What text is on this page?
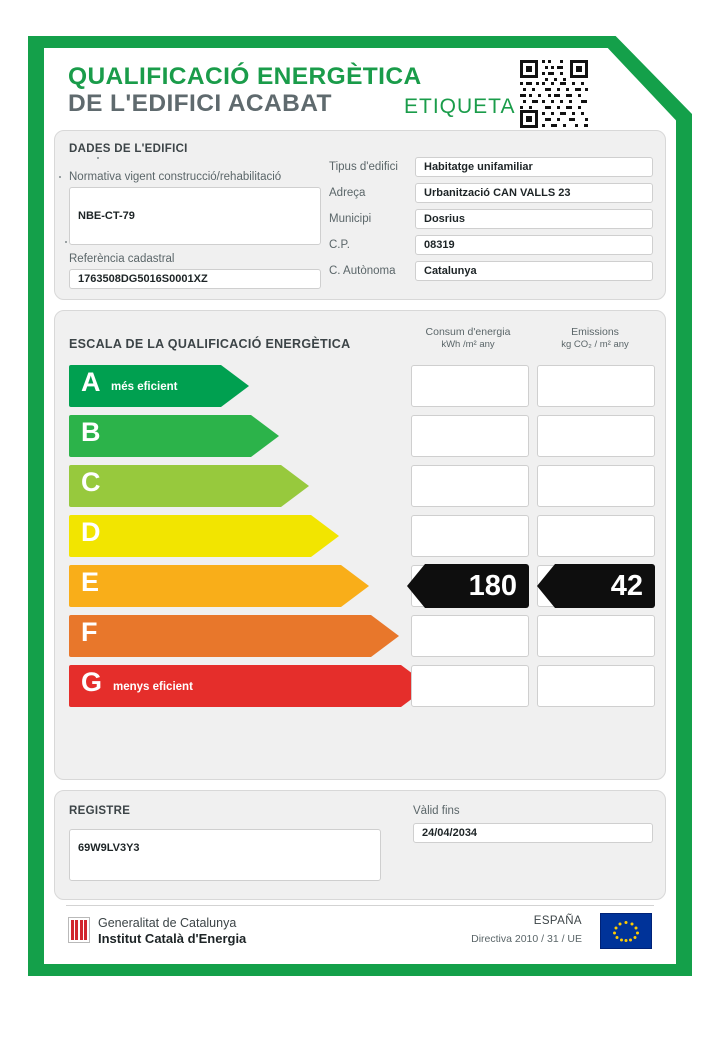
QUALIFICACIÓ ENERGÈTICA
DE L'EDIFICI ACABAT	ETIQUETA
DADES DE L'EDIFICI
Normativa vigent construcció/rehabilitació
NBE-CT-79
Referència cadastral
1763508DG5016S0001XZ
Tipus d'edifici	Habitatge unifamiliar
Adreça	Urbanització CAN VALLS 23
Municipi	Dosrius
C.P.	08319
C. Autònoma	Catalunya
ESCALA DE LA QUALIFICACIÓ ENERGÈTICA
Consum d'energia
kWh /m² any
Emissions
kg CO₂ / m² any
A més eficient
B
C
D
E	180	42
F
G menys eficient
REGISTRE
69W9LV3Y3
Vàlid fins
24/04/2034
Generalitat de Catalunya
Institut Català d'Energia
ESPAÑA
Directiva 2010 / 31 / UE
